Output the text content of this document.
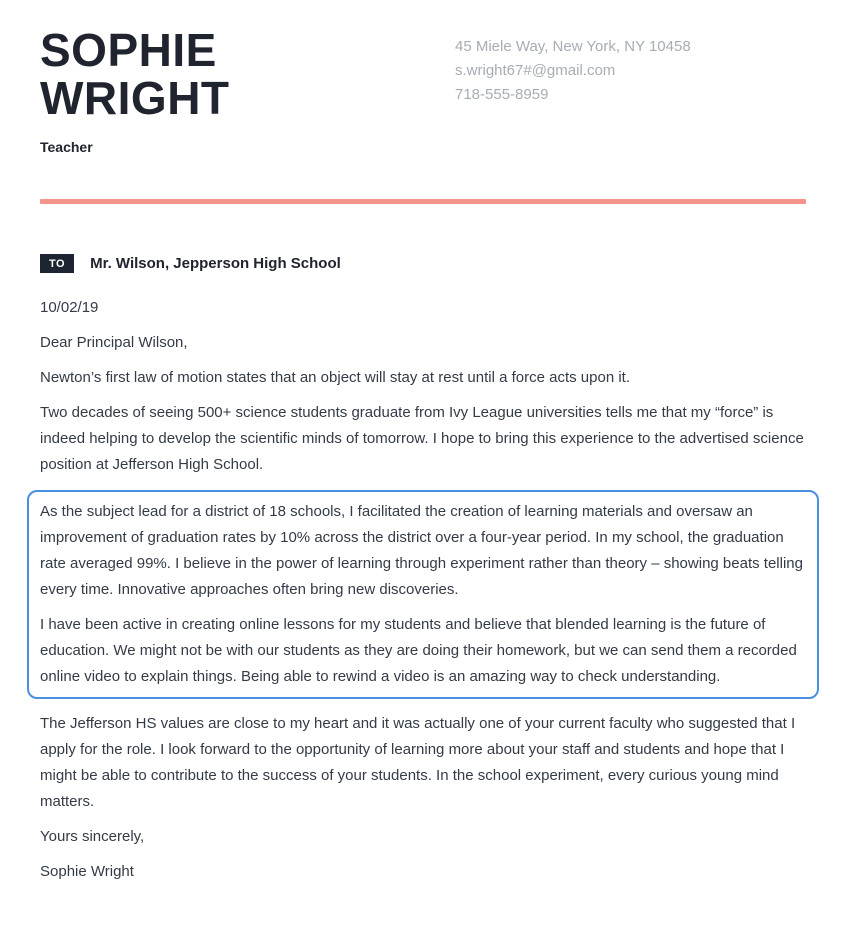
SOPHIE
WRIGHT
Teacher
45 Miele Way, New York, NY 10458
s.wright67#@gmail.com
718-555-8959
TO	Mr. Wilson, Jepperson High School

10/02/19

Dear Principal Wilson,

Newton’s first law of motion states that an object will stay at rest until a force acts upon it.

Two decades of seeing 500+ science students graduate from Ivy League universities tells me that my “force” is indeed helping to develop the scientific minds of tomorrow. I hope to bring this experience to the advertised science position at Jefferson High School.

As the subject lead for a district of 18 schools, I facilitated the creation of learning materials and oversaw an improvement of graduation rates by 10% across the district over a four-year period. In my school, the graduation rate averaged 99%. I believe in the power of learning through experiment rather than theory – showing beats telling every time. Innovative approaches often bring new discoveries.

I have been active in creating online lessons for my students and believe that blended learning is the future of education. We might not be with our students as they are doing their homework, but we can send them a recorded online video to explain things. Being able to rewind a video is an amazing way to check understanding.

The Jefferson HS values are close to my heart and it was actually one of your current faculty who suggested that I apply for the role. I look forward to the opportunity of learning more about your staff and students and hope that I might be able to contribute to the success of your students. In the school experiment, every curious young mind matters.

Yours sincerely,

Sophie Wright
